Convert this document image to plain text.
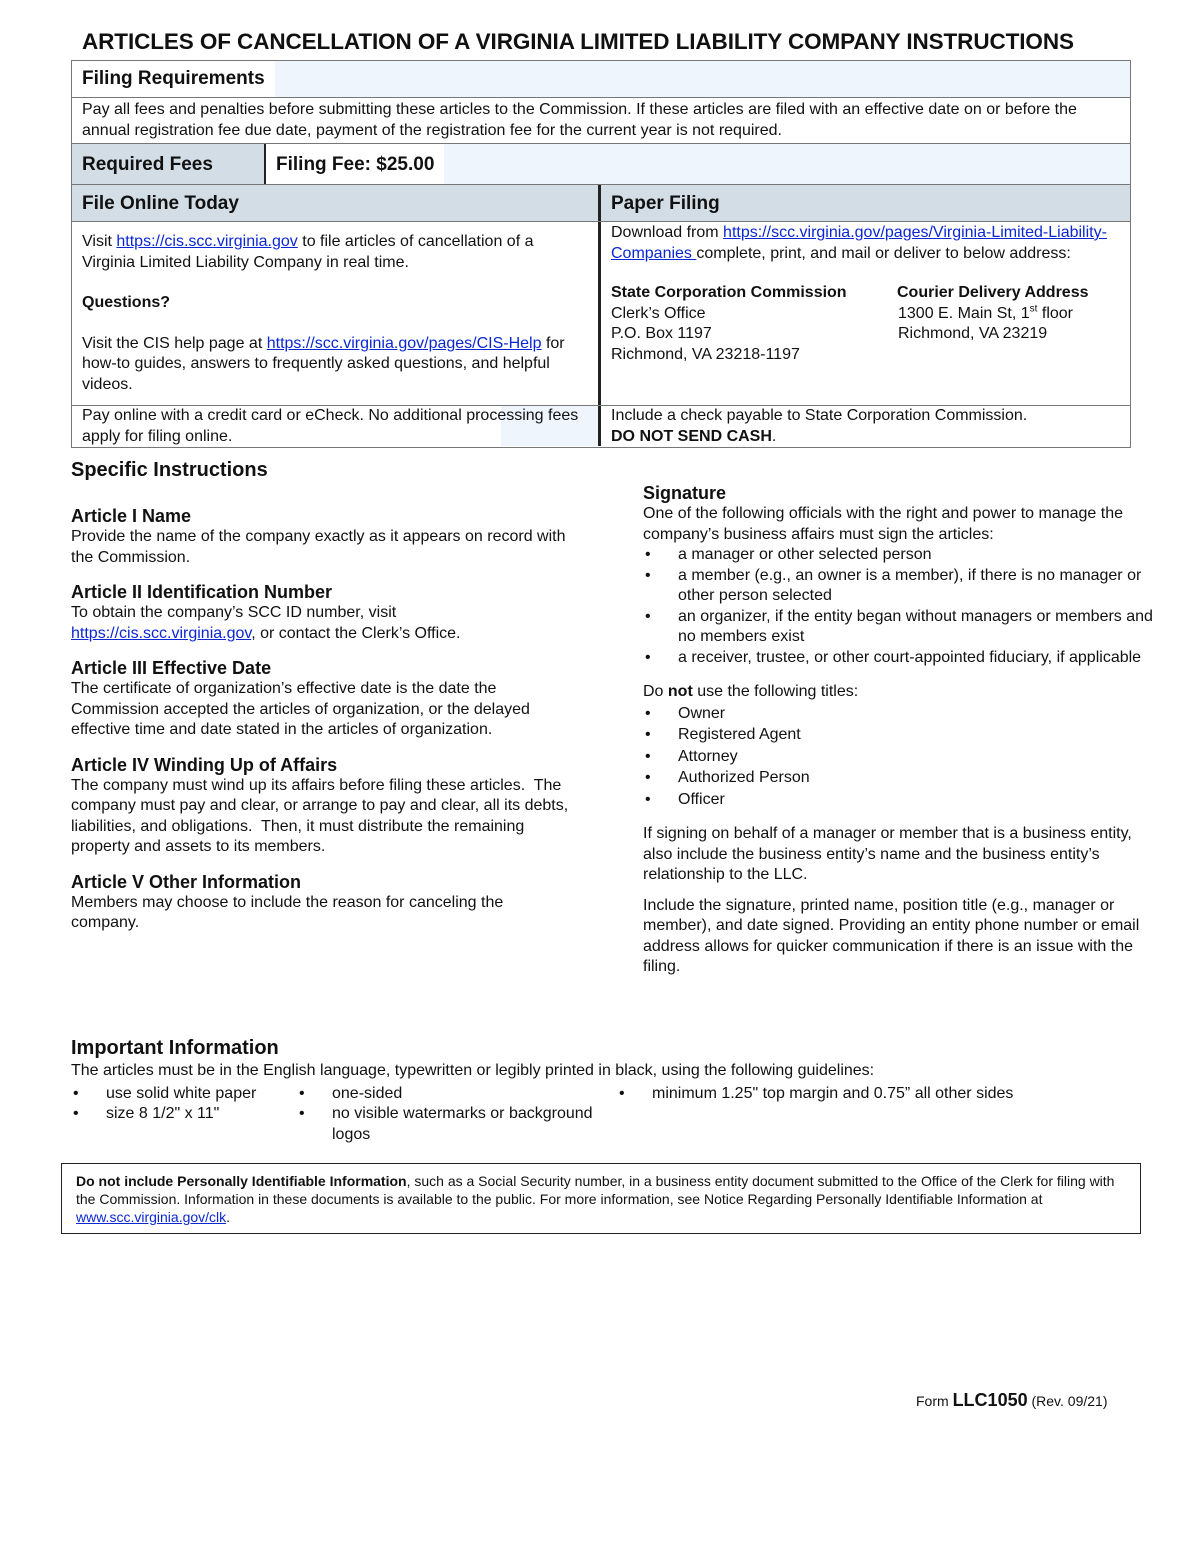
ARTICLES OF CANCELLATION OF A VIRGINIA LIMITED LIABILITY COMPANY INSTRUCTIONS
Filing Requirements
Pay all fees and penalties before submitting these articles to the Commission. If these articles are filed with an effective date on or before the annual registration fee due date, payment of the registration fee for the current year is not required.
Required Fees	Filing Fee: $25.00
File Online Today	Paper Filing

Visit https://cis.scc.virginia.gov to file articles of cancellation of a Virginia Limited Liability Company in real time.

Questions?

Visit the CIS help page at https://scc.virginia.gov/pages/CIS-Help for how-to guides, answers to frequently asked questions, and helpful videos.

Download from https://scc.virginia.gov/pages/Virginia-Limited-Liability-Companies complete, print, and mail or deliver to below address:

State Corporation Commission
Clerk’s Office
P.O. Box 1197
Richmond, VA 23218-1197
Courier Delivery Address
1300 E. Main St, 1st floor
Richmond, VA 23219
Pay online with a credit card or eCheck. No additional processing fees apply for filing online.
Include a check payable to State Corporation Commission.
DO NOT SEND CASH.
Specific Instructions
Article I Name
Provide the name of the company exactly as it appears on record with the Commission.
Article II Identification Number
To obtain the company’s SCC ID number, visit https://cis.scc.virginia.gov, or contact the Clerk’s Office.
Article III Effective Date
The certificate of organization’s effective date is the date the Commission accepted the articles of organization, or the delayed effective time and date stated in the articles of organization.
Article IV Winding Up of Affairs
The company must wind up its affairs before filing these articles.  The company must pay and clear, or arrange to pay and clear, all its debts, liabilities, and obligations.  Then, it must distribute the remaining property and assets to its members.
Article V Other Information
Members may choose to include the reason for canceling the company.
Signature
One of the following officials with the right and power to manage the company’s business affairs must sign the articles:
• a manager or other selected person
• a member (e.g., an owner is a member), if there is no manager or other person selected
• an organizer, if the entity began without managers or members and no members exist
• a receiver, trustee, or other court-appointed fiduciary, if applicable
Do not use the following titles:
• Owner
• Registered Agent
• Attorney
• Authorized Person
• Officer
If signing on behalf of a manager or member that is a business entity, also include the business entity’s name and the business entity’s relationship to the LLC.
Include the signature, printed name, position title (e.g., manager or member), and date signed. Providing an entity phone number or email address allows for quicker communication if there is an issue with the filing.
Important Information
The articles must be in the English language, typewritten or legibly printed in black, using the following guidelines:
• use solid white paper
• size 8 1/2" x 11"
• one-sided
• no visible watermarks or background logos
• minimum 1.25" top margin and 0.75” all other sides
Do not include Personally Identifiable Information, such as a Social Security number, in a business entity document submitted to the Office of the Clerk for filing with the Commission. Information in these documents is available to the public. For more information, see Notice Regarding Personally Identifiable Information at www.scc.virginia.gov/clk.
Form LLC1050 (Rev. 09/21)
